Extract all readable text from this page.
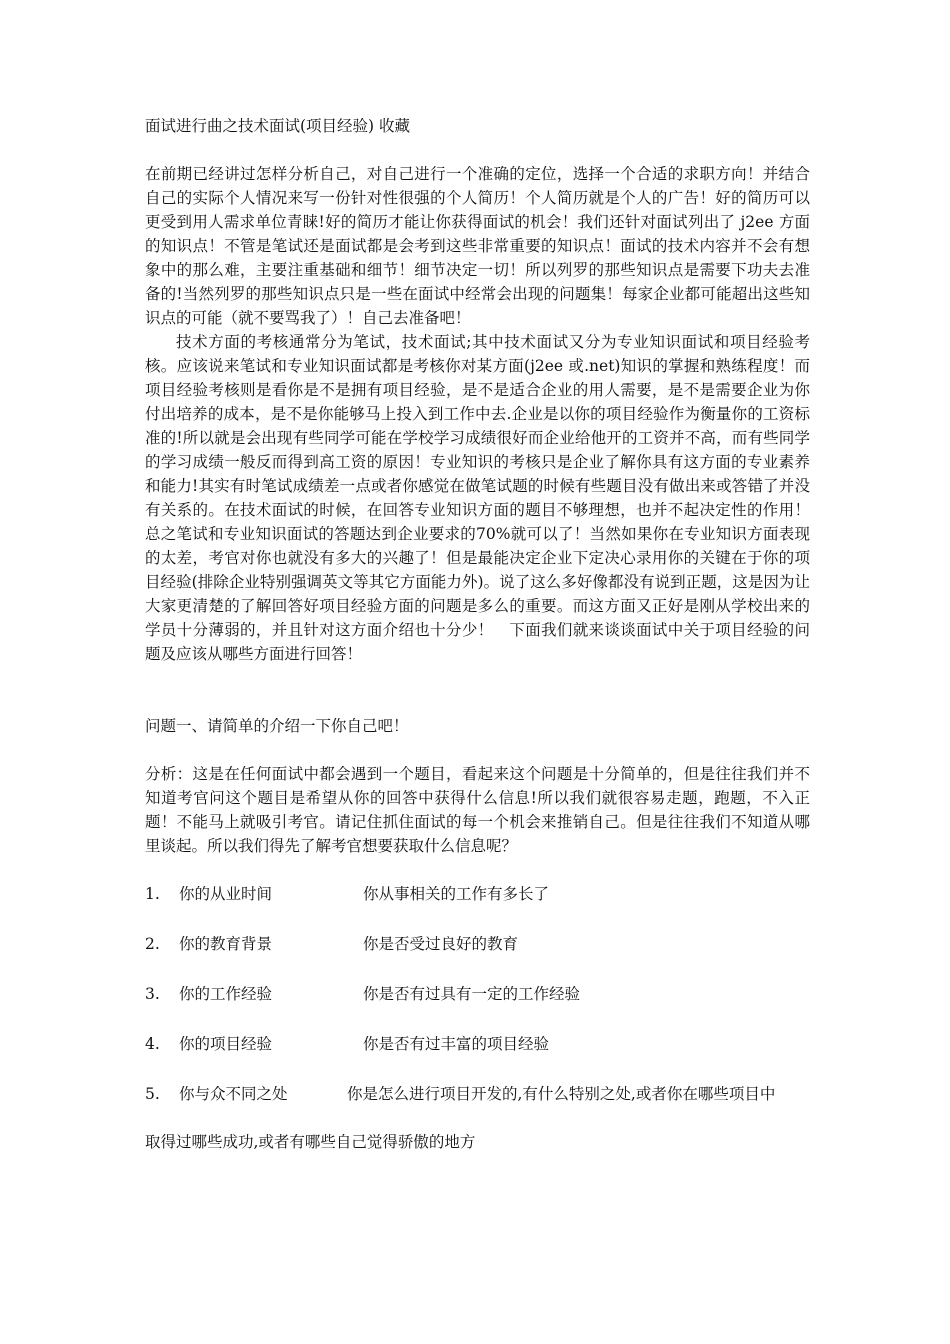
面试进行曲之技术面试(项目经验) 收藏

在前期已经讲过怎样分析自己，对自己进行一个准确的定位，选择一个合适的求职方向！并结合自己的实际个人情况来写一份针对性很强的个人简历！个人简历就是个人的广告！好的简历可以更受到用人需求单位青睐!好的简历才能让你获得面试的机会！我们还针对面试列出了 j2ee 方面的知识点！不管是笔试还是面试都是会考到这些非常重要的知识点！面试的技术内容并不会有想象中的那么难，主要注重基础和细节！细节决定一切！所以列罗的那些知识点是需要下功夫去准备的!当然列罗的那些知识点只是一些在面试中经常会出现的问题集！每家企业都可能超出这些知识点的可能（就不要骂我了）！自己去准备吧！

技术方面的考核通常分为笔试，技术面试;其中技术面试又分为专业知识面试和项目经验考核。应该说来笔试和专业知识面试都是考核你对某方面(j2ee 或.net)知识的掌握和熟练程度！而项目经验考核则是看你是不是拥有项目经验，是不是适合企业的用人需要，是不是需要企业为你付出培养的成本，是不是你能够马上投入到工作中去.企业是以你的项目经验作为衡量你的工资标准的!所以就是会出现有些同学可能在学校学习成绩很好而企业给他开的工资并不高，而有些同学的学习成绩一般反而得到高工资的原因！专业知识的考核只是企业了解你具有这方面的专业素养和能力!其实有时笔试成绩差一点或者你感觉在做笔试题的时候有些题目没有做出来或答错了并没有关系的。在技术面试的时候，在回答专业知识方面的题目不够理想，也并不起决定性的作用！总之笔试和专业知识面试的答题达到企业要求的70%就可以了！当然如果你在专业知识方面表现的太差，考官对你也就没有多大的兴趣了！但是最能决定企业下定决心录用你的关键在于你的项目经验(排除企业特别强调英文等其它方面能力外)。说了这么多好像都没有说到正题，这是因为让大家更清楚的了解回答好项目经验方面的问题是多么的重要。而这方面又正好是刚从学校出来的学员十分薄弱的，并且针对这方面介绍也十分少！　下面我们就来谈谈面试中关于项目经验的问题及应该从哪些方面进行回答！

问题一、请简单的介绍一下你自己吧！

分析：这是在任何面试中都会遇到一个题目，看起来这个问题是十分简单的，但是往往我们并不知道考官问这个题目是希望从你的回答中获得什么信息!所以我们就很容易走题，跑题，不入正题！不能马上就吸引考官。请记住抓住面试的每一个机会来推销自己。但是往往我们不知道从哪里谈起。所以我们得先了解考官想要获取什么信息呢？

1.	你的从业时间	你从事相关的工作有多长了
2.	你的教育背景	你是否受过良好的教育
3.	你的工作经验	你是否有过具有一定的工作经验
4.	你的项目经验	你是否有过丰富的项目经验
5.	你与众不同之处	你是怎么进行项目开发的,有什么特别之处,或者你在哪些项目中

取得过哪些成功,或者有哪些自己觉得骄傲的地方
